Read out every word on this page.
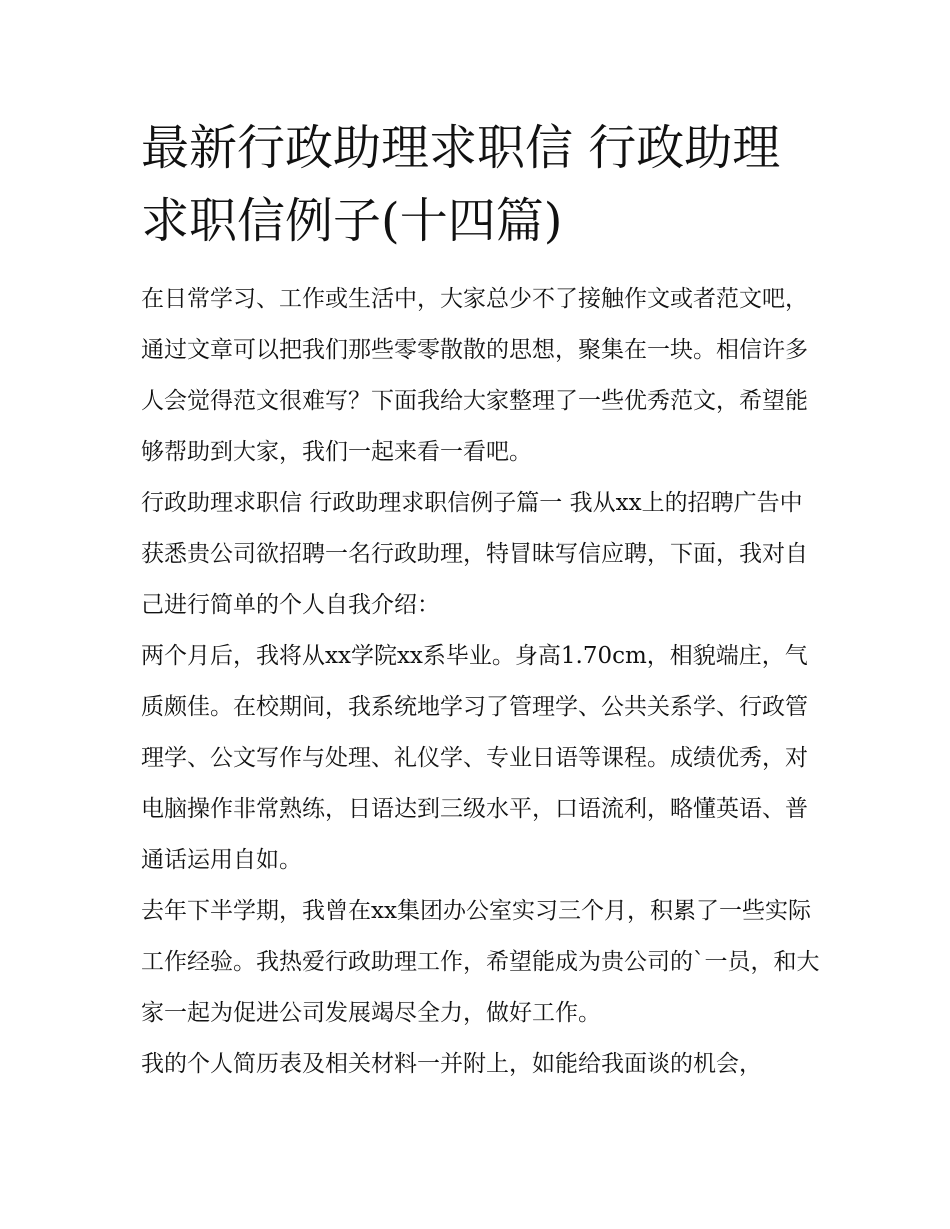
最新行政助理求职信 行政助理求职信例子(十四篇)

在日常学习、工作或生活中，大家总少不了接触作文或者范文吧，通过文章可以把我们那些零零散散的思想，聚集在一块。相信许多人会觉得范文很难写？下面我给大家整理了一些优秀范文，希望能够帮助到大家，我们一起来看一看吧。

行政助理求职信 行政助理求职信例子篇一 我从xx上的招聘广告中获悉贵公司欲招聘一名行政助理，特冒昧写信应聘，下面，我对自己进行简单的个人自我介绍：

两个月后，我将从xx学院xx系毕业。身高1.70cm，相貌端庄，气质颇佳。在校期间，我系统地学习了管理学、公共关系学、行政管理学、公文写作与处理、礼仪学、专业日语等课程。成绩优秀，对电脑操作非常熟练，日语达到三级水平，口语流利，略懂英语、普通话运用自如。

去年下半学期，我曾在xx集团办公室实习三个月，积累了一些实际工作经验。我热爱行政助理工作，希望能成为贵公司的`一员，和大家一起为促进公司发展竭尽全力，做好工作。

我的个人简历表及相关材料一并附上，如能给我面谈的机会，
